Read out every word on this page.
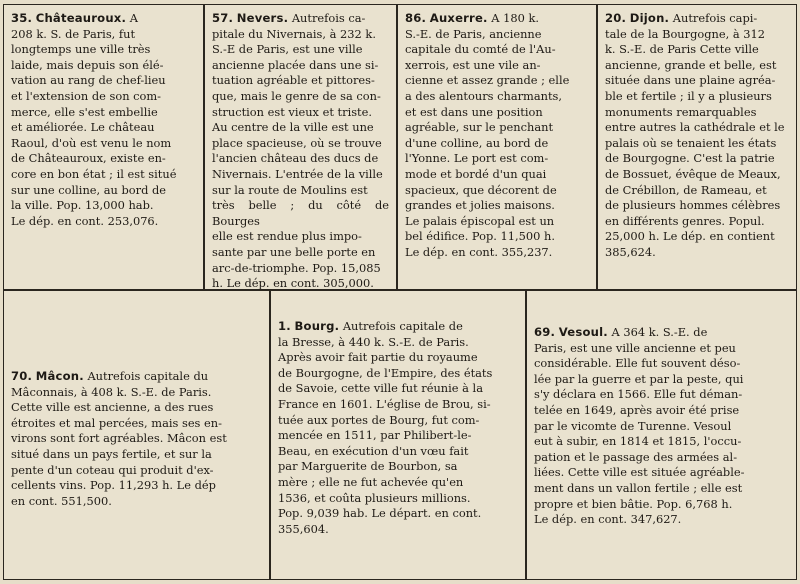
35. Châteauroux. A
208 k. S. de Paris, fut
longtemps une ville très
laide, mais depuis son élé-
vation au rang de chef-lieu
et l'extension de son com-
merce, elle s'est embellie
et améliorée. Le château
Raoul, d'où est venu le nom
de Châteauroux, existe en-
core en bon état ; il est situé
sur une colline, au bord de
la ville. Pop. 13,000 hab.
Le dép. en cont. 253,076.

57. Nevers. Autrefois ca-
pitale du Nivernais, à 232 k.
S.-E de Paris, est une ville
ancienne placée dans une si-
tuation agréable et pittores-
que, mais le genre de sa con-
struction est vieux et triste.
Au centre de la ville est une
place spacieuse, où se trouve
l'ancien château des ducs de
Nivernais. L'entrée de la ville
sur la route de Moulins est
très belle ; du côté de Bourges
elle est rendue plus impo-
sante par une belle porte en
arc-de-triomphe. Pop. 15,085
h. Le dép. en cont. 305,000.

86. Auxerre. A 180 k.
S.-E. de Paris, ancienne
capitale du comté de l'Au-
xerrois, est une vile an-
cienne et assez grande ; elle
a des alentours charmants,
et est dans une position
agréable, sur le penchant
d'une colline, au bord de
l'Yonne. Le port est com-
mode et bordé d'un quai
spacieux, que décorent de
grandes et jolies maisons.
Le palais épiscopal est un
bel édifice. Pop. 11,500 h.
Le dép. en cont. 355,237.

20. Dijon. Autrefois capi-
tale de la Bourgogne, à 312
k. S.-E. de Paris Cette ville
ancienne, grande et belle, est
située dans une plaine agréa-
ble et fertile ; il y a plusieurs
monuments remarquables
entre autres la cathédrale et le
palais où se tenaient les états
de Bourgogne. C'est la patrie
de Bossuet, évêque de Meaux,
de Crébillon, de Rameau, et
de plusieurs hommes célèbres
en différents genres. Popul.
25,000 h. Le dép. en contient
385,624.

70. Mâcon. Autrefois capitale du
Mâconnais, à 408 k. S.-E. de Paris.
Cette ville est ancienne, a des rues
étroites et mal percées, mais ses en-
virons sont fort agréables. Mâcon est
situé dans un pays fertile, et sur la
pente d'un coteau qui produit d'ex-
cellents vins. Pop. 11,293 h. Le dép
en cont. 551,500.

1. Bourg. Autrefois capitale de
la Bresse, à 440 k. S.-E. de Paris.
Après avoir fait partie du royaume
de Bourgogne, de l'Empire, des états
de Savoie, cette ville fut réunie à la
France en 1601. L'église de Brou, si-
tuée aux portes de Bourg, fut com-
mencée en 1511, par Philibert-le-
Beau, en exécution d'un vœu fait
par Marguerite de Bourbon, sa
mère ; elle ne fut achevée qu'en
1536, et coûta plusieurs millions.
Pop. 9,039 hab. Le départ. en cont.
355,604.

69. Vesoul. A 364 k. S.-E. de
Paris, est une ville ancienne et peu
considérable. Elle fut souvent déso-
lée par la guerre et par la peste, qui
s'y déclara en 1566. Elle fut déman-
telée en 1649, après avoir été prise
par le vicomte de Turenne. Vesoul
eut à subir, en 1814 et 1815, l'occu-
pation et le passage des armées al-
liées. Cette ville est située agréable-
ment dans un vallon fertile ; elle est
propre et bien bâtie. Pop. 6,768 h.
Le dép. en cont. 347,627.
